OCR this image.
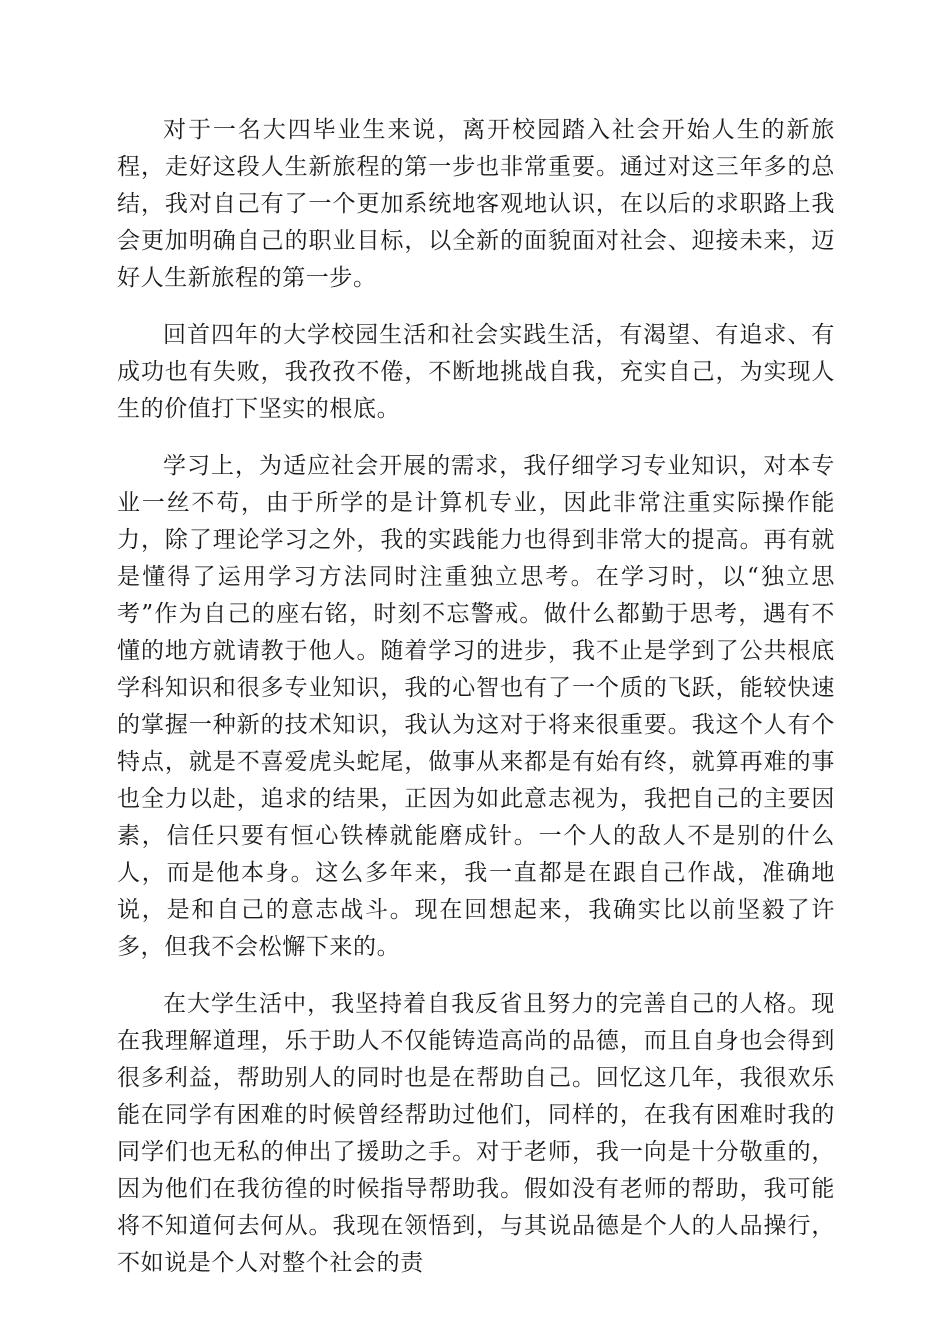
对于一名大四毕业生来说，离开校园踏入社会开始人生的新旅程，走好这段人生新旅程的第一步也非常重要。通过对这三年多的总结，我对自己有了一个更加系统地客观地认识，在以后的求职路上我会更加明确自己的职业目标，以全新的面貌面对社会、迎接未来，迈好人生新旅程的第一步。

回首四年的大学校园生活和社会实践生活，有渴望、有追求、有成功也有失败，我孜孜不倦，不断地挑战自我，充实自己，为实现人生的价值打下坚实的根底。

学习上，为适应社会开展的需求，我仔细学习专业知识，对本专业一丝不苟，由于所学的是计算机专业，因此非常注重实际操作能力，除了理论学习之外，我的实践能力也得到非常大的提高。再有就是懂得了运用学习方法同时注重独立思考。在学习时，以“独立思考”作为自己的座右铭，时刻不忘警戒。做什么都勤于思考，遇有不懂的地方就请教于他人。随着学习的进步，我不止是学到了公共根底学科知识和很多专业知识，我的心智也有了一个质的飞跃，能较快速的掌握一种新的技术知识，我认为这对于将来很重要。我这个人有个特点，就是不喜爱虎头蛇尾，做事从来都是有始有终，就算再难的事也全力以赴，追求的结果，正因为如此意志视为，我把自己的主要因素，信任只要有恒心铁棒就能磨成针。一个人的敌人不是别的什么人，而是他本身。这么多年来，我一直都是在跟自己作战，准确地说，是和自己的意志战斗。现在回想起来，我确实比以前坚毅了许多，但我不会松懈下来的。

在大学生活中，我坚持着自我反省且努力的完善自己的人格。现在我理解道理，乐于助人不仅能铸造高尚的品德，而且自身也会得到很多利益，帮助别人的同时也是在帮助自己。回忆这几年，我很欢乐能在同学有困难的时候曾经帮助过他们，同样的，在我有困难时我的同学们也无私的伸出了援助之手。对于老师，我一向是十分敬重的，因为他们在我彷徨的时候指导帮助我。假如没有老师的帮助，我可能将不知道何去何从。我现在领悟到，与其说品德是个人的人品操行，不如说是个人对整个社会的责
